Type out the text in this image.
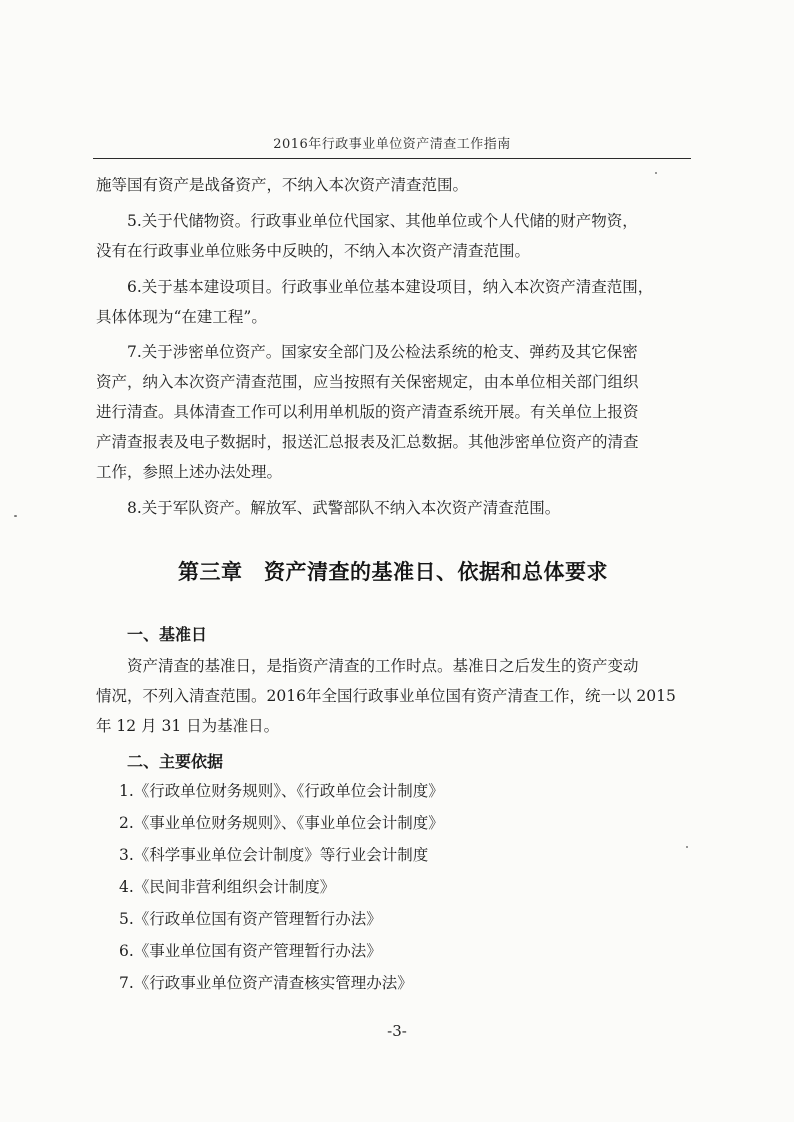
2016年行政事业单位资产清查工作指南
施等国有资产是战备资产，不纳入本次资产清查范围。
5.关于代储物资。行政事业单位代国家、其他单位或个人代储的财产物资，
没有在行政事业单位账务中反映的，不纳入本次资产清查范围。
6.关于基本建设项目。行政事业单位基本建设项目，纳入本次资产清查范围，
具体体现为“在建工程”。
7.关于涉密单位资产。国家安全部门及公检法系统的枪支、弹药及其它保密
资产，纳入本次资产清查范围，应当按照有关保密规定，由本单位相关部门组织
进行清查。具体清查工作可以利用单机版的资产清查系统开展。有关单位上报资
产清查报表及电子数据时，报送汇总报表及汇总数据。其他涉密单位资产的清查
工作，参照上述办法处理。
8.关于军队资产。解放军、武警部队不纳入本次资产清查范围。
第三章　资产清查的基准日、依据和总体要求
一、基准日
资产清查的基准日，是指资产清查的工作时点。基准日之后发生的资产变动
情况，不列入清查范围。2016年全国行政事业单位国有资产清查工作，统一以 2015
年 12 月 31 日为基准日。
二、主要依据
1.《行政单位财务规则》、《行政单位会计制度》
2.《事业单位财务规则》、《事业单位会计制度》
3.《科学事业单位会计制度》等行业会计制度
4.《民间非营利组织会计制度》
5.《行政单位国有资产管理暂行办法》
6.《事业单位国有资产管理暂行办法》
7.《行政事业单位资产清查核实管理办法》
-3-
